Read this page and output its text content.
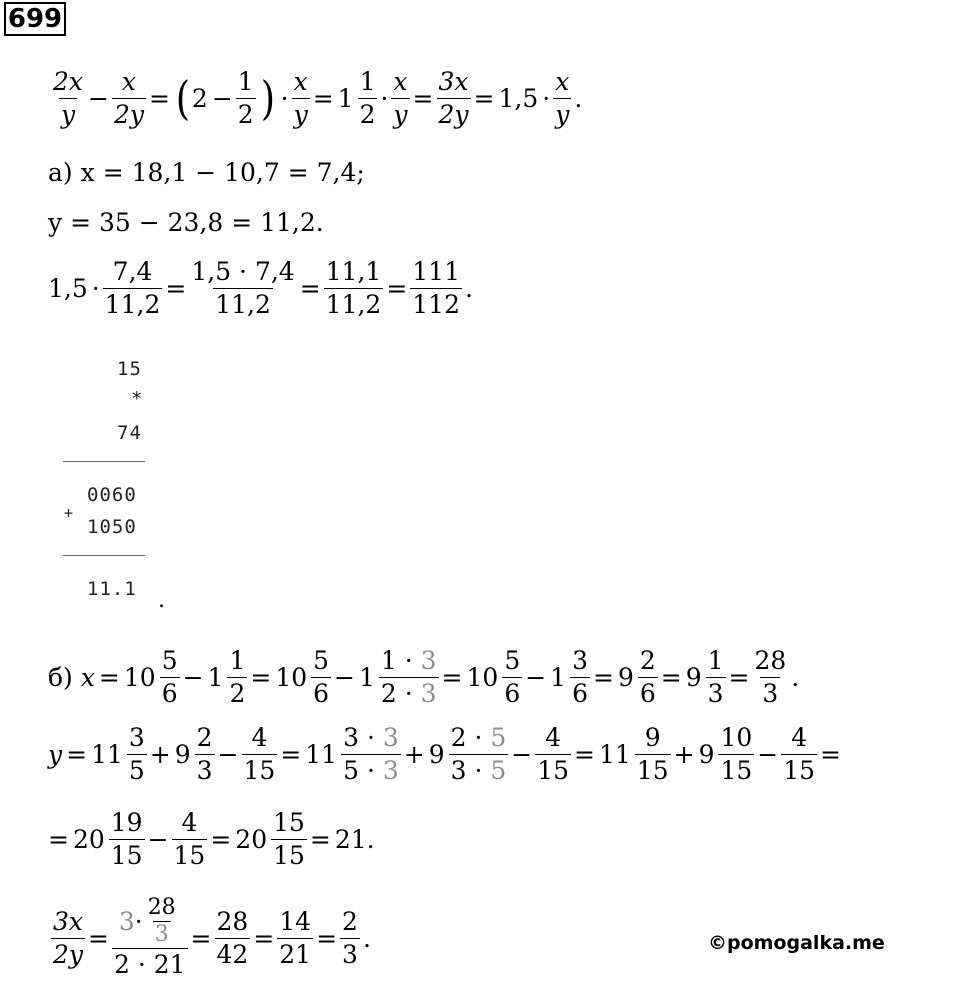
699
$\frac{2x}{y} - \frac{x}{2y}$ = ( $2 - \frac{1}{2}$ ) · $\frac{x}{y} = 1 \frac{1}{2} \cdot \frac{x}{y} = \frac{3x}{2y} = 1,5 \cdot \frac{x}{y}$ .
а) x = 18,1 − 10,7 = 7,4;
y = 35 − 23,8 = 11,2.
$1,5 \cdot \frac{7,4}{11,2} = \frac{1,5 \cdot 7,4}{11,2} = \frac{11,1}{11,2} = \frac{111}{112}$ .
15
*
74
0060
+
1050
11.1 .
б) $x = 10 \frac{5}{6} - 1 \frac{1}{2} = 10 \frac{5}{6} - 1 \frac{1 \cdot 3}{2 \cdot 3} = 10 \frac{5}{6} - 1 \frac{3}{6} = 9 \frac{2}{6} = 9 \frac{1}{3} = \frac{28}{3}$ .
$y = 11 \frac{3}{5} + 9 \frac{2}{3} - \frac{4}{15} = 11 \frac{3 \cdot 3}{5 \cdot 3} + 9 \frac{2 \cdot 5}{3 \cdot 5} - \frac{4}{15} = 11 \frac{9}{15} + 9 \frac{10}{15} - \frac{4}{15}$ =
= $20 \frac{19}{15} - \frac{4}{15} = 20 \frac{15}{15} = 21$.
$\frac{3x}{2y} = \frac{3 \cdot \frac{28}{3}}{2 \cdot 21} = \frac{28}{42} = \frac{14}{21} = \frac{2}{3}$ .	©pomogalka.me
